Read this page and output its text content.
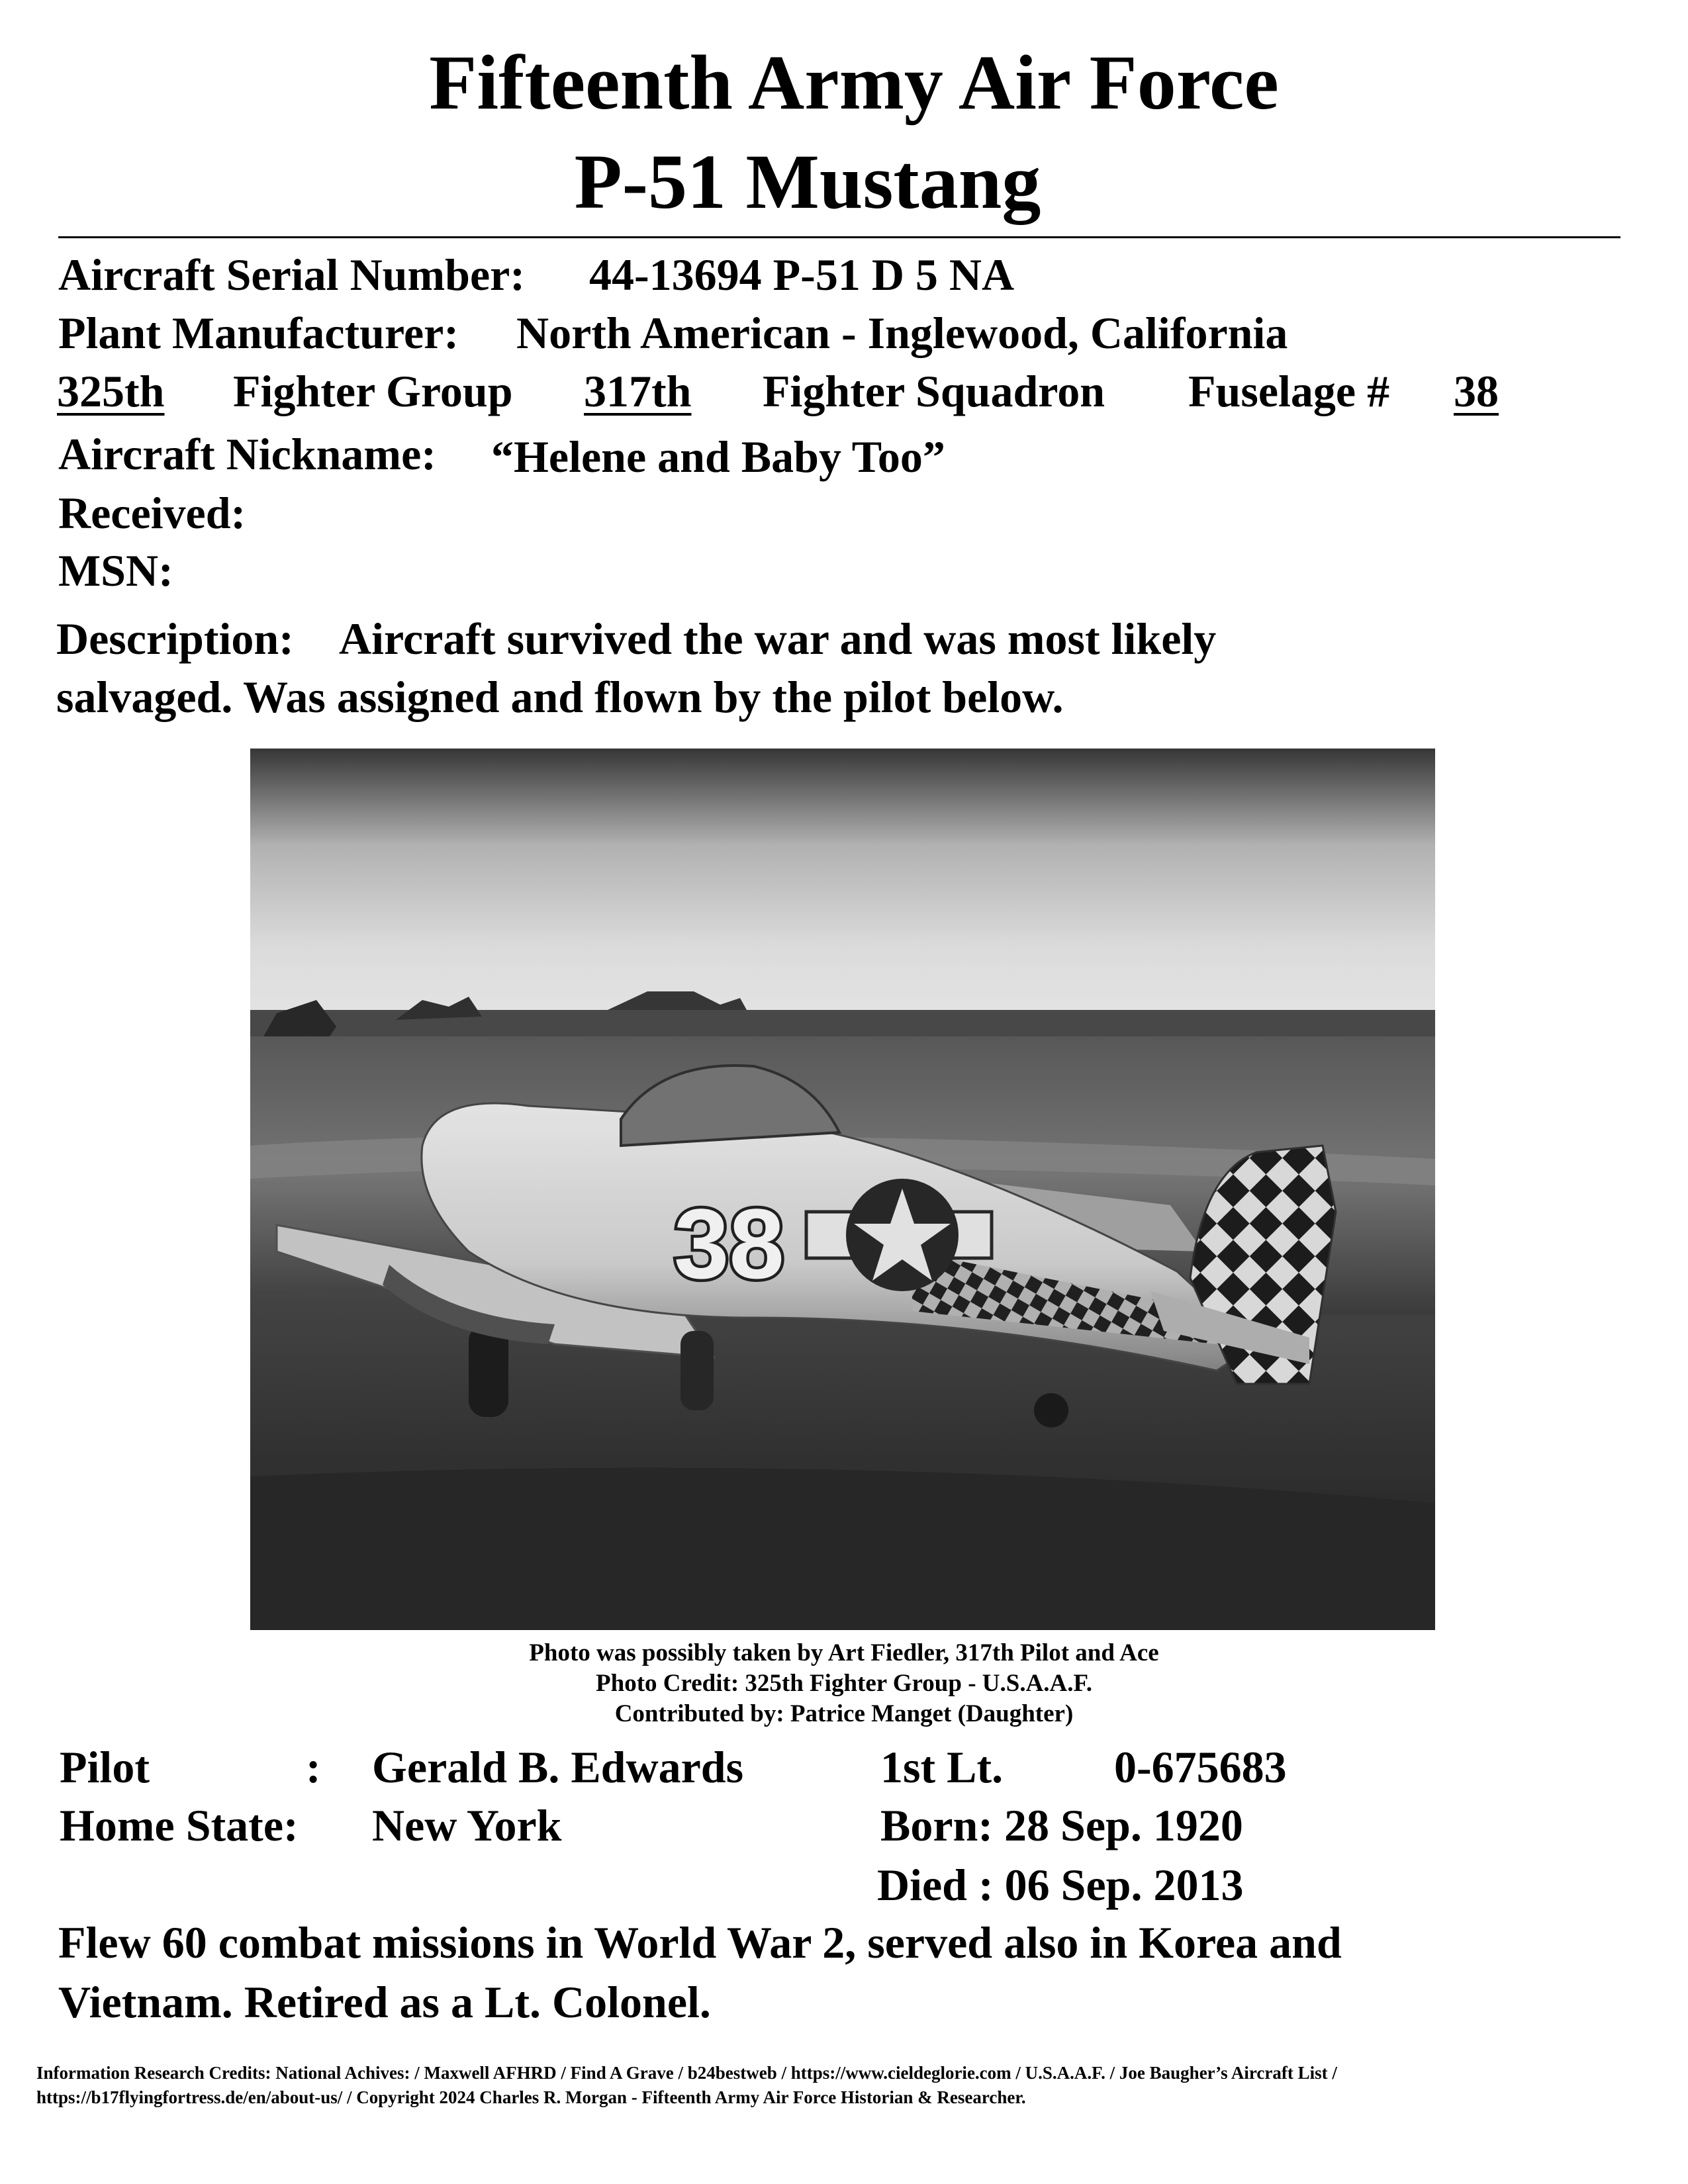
Fifteenth Army Air Force
P-51 Mustang
Aircraft Serial Number: 44-13694 P-51 D 5 NA
Plant Manufacturer: North American - Inglewood, California
325th	Fighter Group 317th	Fighter Squadron Fuselage #	38
Aircraft Nickname: “Helene and Baby Too”
Received:
MSN:
Description: Aircraft survived the war and was most likely
salvaged. Was assigned and flown by the pilot below.
38
Photo was possibly taken by Art Fiedler, 317th Pilot and Ace
Photo Credit: 325th Fighter Group - U.S.A.A.F.
Contributed by: Patrice Manget (Daughter)
Pilot	: Gerald B. Edwards	1st Lt. 0-675683
Home State: New York	Born: 28 Sep. 1920
Died : 06 Sep. 2013
Flew 60 combat missions in World War 2, served also in Korea and
Vietnam. Retired as a Lt. Colonel.
Information Research Credits: National Achives: / Maxwell AFHRD / Find A Grave / b24bestweb / https://www.cieldeglorie.com / U.S.A.A.F. / Joe Baugher’s Aircraft List /
https://b17flyingfortress.de/en/about-us/ / Copyright 2024 Charles R. Morgan - Fifteenth Army Air Force Historian & Researcher.
